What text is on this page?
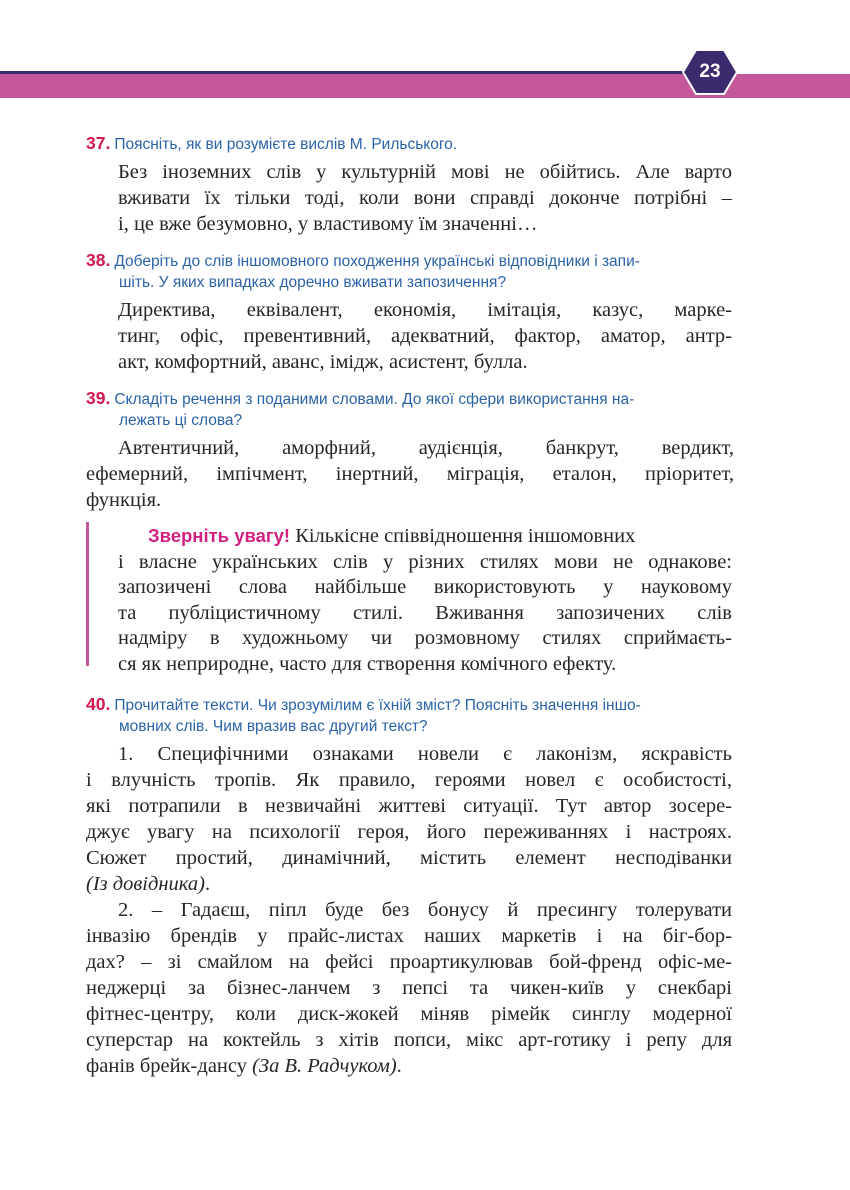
23
37. Поясніть, як ви розумієте вислів М. Рильського.
Без іноземних слів у культурній мові не обійтись. Але варто
вживати їх тільки тоді, коли вони справді доконче потрібні –
і, це вже безумовно, у властивому їм значенні…
38. Доберіть до слів іншомовного походження українські відповідники і запи-
шіть. У яких випадках доречно вживати запозичення?
Директива, еквівалент, економія, імітація, казус, марке-
тинг, офіс, превентивний, адекватний, фактор, аматор, антр-
акт, комфортний, аванс, імідж, асистент, булла.
39. Складіть речення з поданими словами. До якої сфери використання на-
лежать ці слова?
Автентичний, аморфний, аудієнція, банкрут, вердикт,
ефемерний, імпічмент, інертний, міграція, еталон, пріоритет,
функція.
Зверніть увагу! Кількісне співвідношення іншомовних
і власне українських слів у різних стилях мови не однакове:
запозичені слова найбільше використовують у науковому
та публіцистичному стилі. Вживання запозичених слів
надміру в художньому чи розмовному стилях сприймаєть-
ся як неприродне, часто для створення комічного ефекту.
40. Прочитайте тексти. Чи зрозумілим є їхній зміст? Поясніть значення іншо-
мовних слів. Чим вразив вас другий текст?
1. Специфічними ознаками новели є лаконізм, яскравість
і влучність тропів. Як правило, героями новел є особистості,
які потрапили в незвичайні життеві ситуації. Тут автор зосере-
джує увагу на психології героя, його переживаннях і настроях.
Сюжет простий, динамічний, містить елемент несподіванки
(Із довідника).
2. – Гадаєш, піпл буде без бонусу й пресингу толерувати
інвазію брендів у прайс-листах наших маркетів і на біг-бор-
дах? – зі смайлом на фейсі проартикулював бой-френд офіс-ме-
неджерці за бізнес-ланчем з пепсі та чикен-київ у снекбарі
фітнес-центру, коли диск-жокей міняв рімейк синглу модерної
суперстар на коктейль з хітів попси, мікс арт-готику і репу для
фанів брейк-дансу (За В. Радчуком).
